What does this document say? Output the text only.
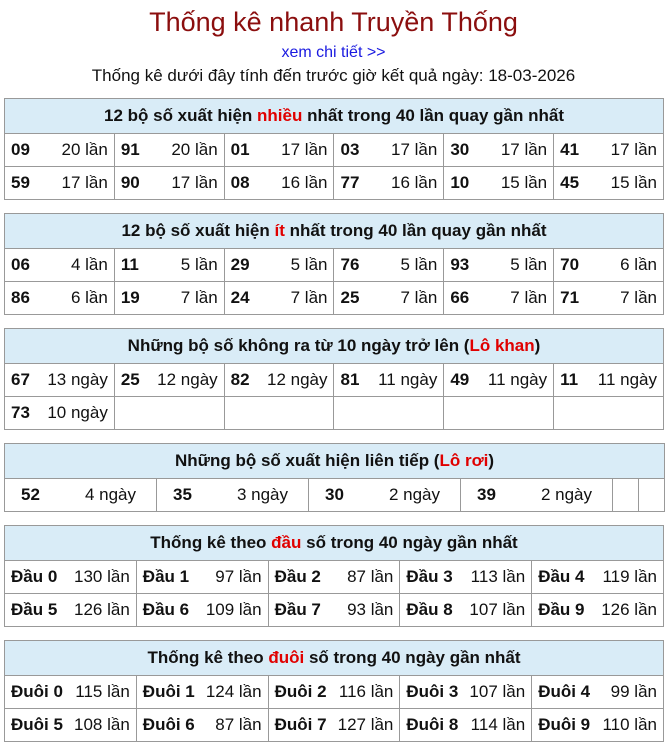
Thống kê nhanh Truyền Thống
xem chi tiết >>
Thống kê dưới đây tính đến trước giờ kết quả ngày: 18-03-2026
12 bộ số xuất hiện nhiều nhất trong 40 lần quay gần nhất					

09 20 lần	91 20 lần	01 17 lần	03 17 lần	30 17 lần	41 17 lần

59 17 lần	90 17 lần	08 16 lần	77 16 lần	10 15 lần	45 15 lần
12 bộ số xuất hiện ít nhất trong 40 lần quay gần nhất					

06 4 lần	11 5 lần	29 5 lần	76 5 lần	93 5 lần	70 6 lần

86 6 lần	19 7 lần	24 7 lần	25 7 lần	66 7 lần	71 7 lần
Những bộ số không ra từ 10 ngày trở lên (Lô khan)					

67 13 ngày	25 12 ngày	82 12 ngày	81 11 ngày	49 11 ngày	11 11 ngày

73 10 ngày					

Những bộ số xuất hiện liên tiếp (Lô rơi)

52	4 ngày	35	3 ngày	30	2 ngày	39	2 ngày

Thống kê theo đầu số trong 40 ngày gần nhất				

Đầu 0 130 lần	Đầu 1 97 lần	Đầu 2 87 lần	Đầu 3 113 lần	Đầu 4 119 lần

Đầu 5 126 lần	Đầu 6 109 lần	Đầu 7 93 lần	Đầu 8 107 lần	Đầu 9 126 lần
Thống kê theo đuôi số trong 40 ngày gần nhất				

Đuôi 0 115 lần	Đuôi 1 124 lần	Đuôi 2 116 lần	Đuôi 3 107 lần	Đuôi 4 99 lần

Đuôi 5 108 lần	Đuôi 6 87 lần	Đuôi 7 127 lần	Đuôi 8 114 lần	Đuôi 9 110 lần
